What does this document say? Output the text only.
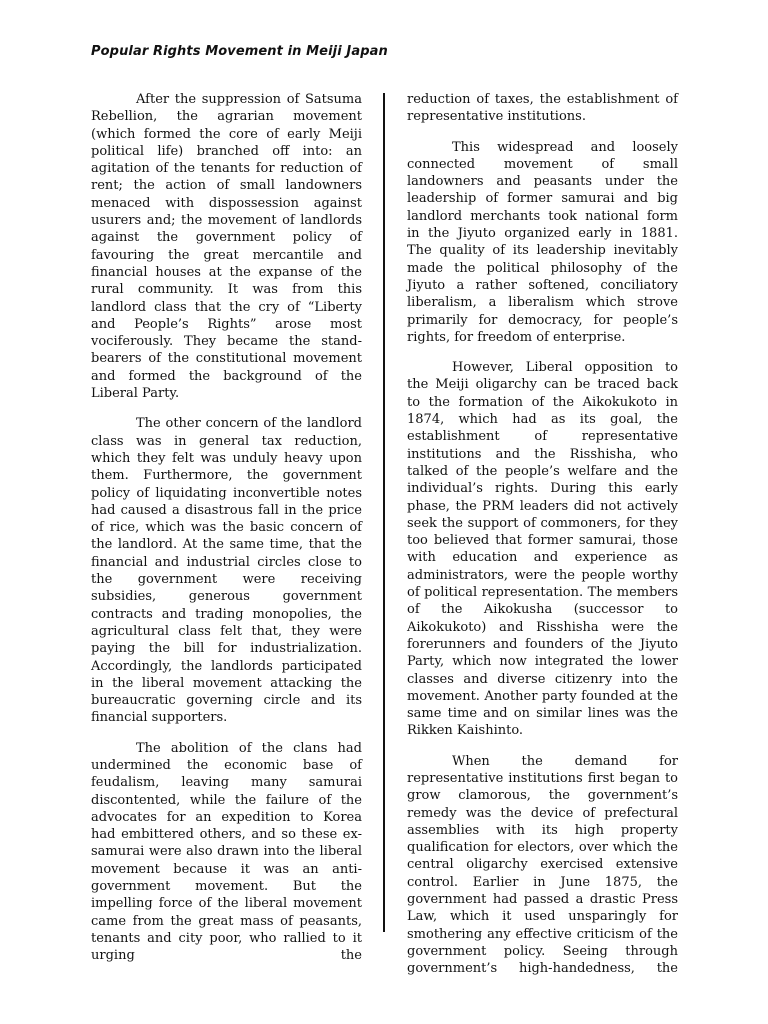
Popular Rights Movement in Meiji Japan

After the suppression of Satsuma Rebellion, the agrarian movement (which formed the core of early Meiji political life) branched off into: an agitation of the tenants for reduction of rent; the action of small landowners menaced with dispossession against usurers and; the movement of landlords against the government policy of favouring the great mercantile and financial houses at the expanse of the rural community. It was from this landlord class that the cry of “Liberty and People’s Rights” arose most vociferously. They became the stand-bearers of the constitutional movement and formed the background of the Liberal Party.

The other concern of the landlord class was in general tax reduction, which they felt was unduly heavy upon them. Furthermore, the government policy of liquidating inconvertible notes had caused a disastrous fall in the price of rice, which was the basic concern of the landlord. At the same time, that the financial and industrial circles close to the government were receiving subsidies, generous government contracts and trading monopolies, the agricultural class felt that, they were paying the bill for industrialization. Accordingly, the landlords participated in the liberal movement attacking the bureaucratic governing circle and its financial supporters.

The abolition of the clans had undermined the economic base of feudalism, leaving many samurai discontented, while the failure of the advocates for an expedition to Korea had embittered others, and so these ex-samurai were also drawn into the liberal movement because it was an anti-government movement. But the impelling force of the liberal movement came from the great mass of peasants, tenants and city poor, who rallied to it urging the

reduction of taxes, the establishment of representative institutions.

This widespread and loosely connected movement of small landowners and peasants under the leadership of former samurai and big landlord merchants took national form in the Jiyuto organized early in 1881. The quality of its leadership inevitably made the political philosophy of the Jiyuto a rather softened, conciliatory liberalism, a liberalism which strove primarily for democracy, for people’s rights, for freedom of enterprise.

However, Liberal opposition to the Meiji oligarchy can be traced back to the formation of the Aikokukoto in 1874, which had as its goal, the establishment of representative institutions and the Risshisha, who talked of the people’s welfare and the individual’s rights. During this early phase, the PRM leaders did not actively seek the support of commoners, for they too believed that former samurai, those with education and experience as administrators, were the people worthy of political representation. The members of the Aikokusha (successor to Aikokukoto) and Risshisha were the forerunners and founders of the Jiyuto Party, which now integrated the lower classes and diverse citizenry into the movement. Another party founded at the same time and on similar lines was the Rikken Kaishinto.

When the demand for representative institutions first began to grow clamorous, the government’s remedy was the device of prefectural assemblies with its high property qualification for electors, over which the central oligarchy exercised extensive control. Earlier in June 1875, the government had passed a drastic Press Law, which it used unsparingly for smothering any effective criticism of the government policy. Seeing through government’s high-handedness, the
